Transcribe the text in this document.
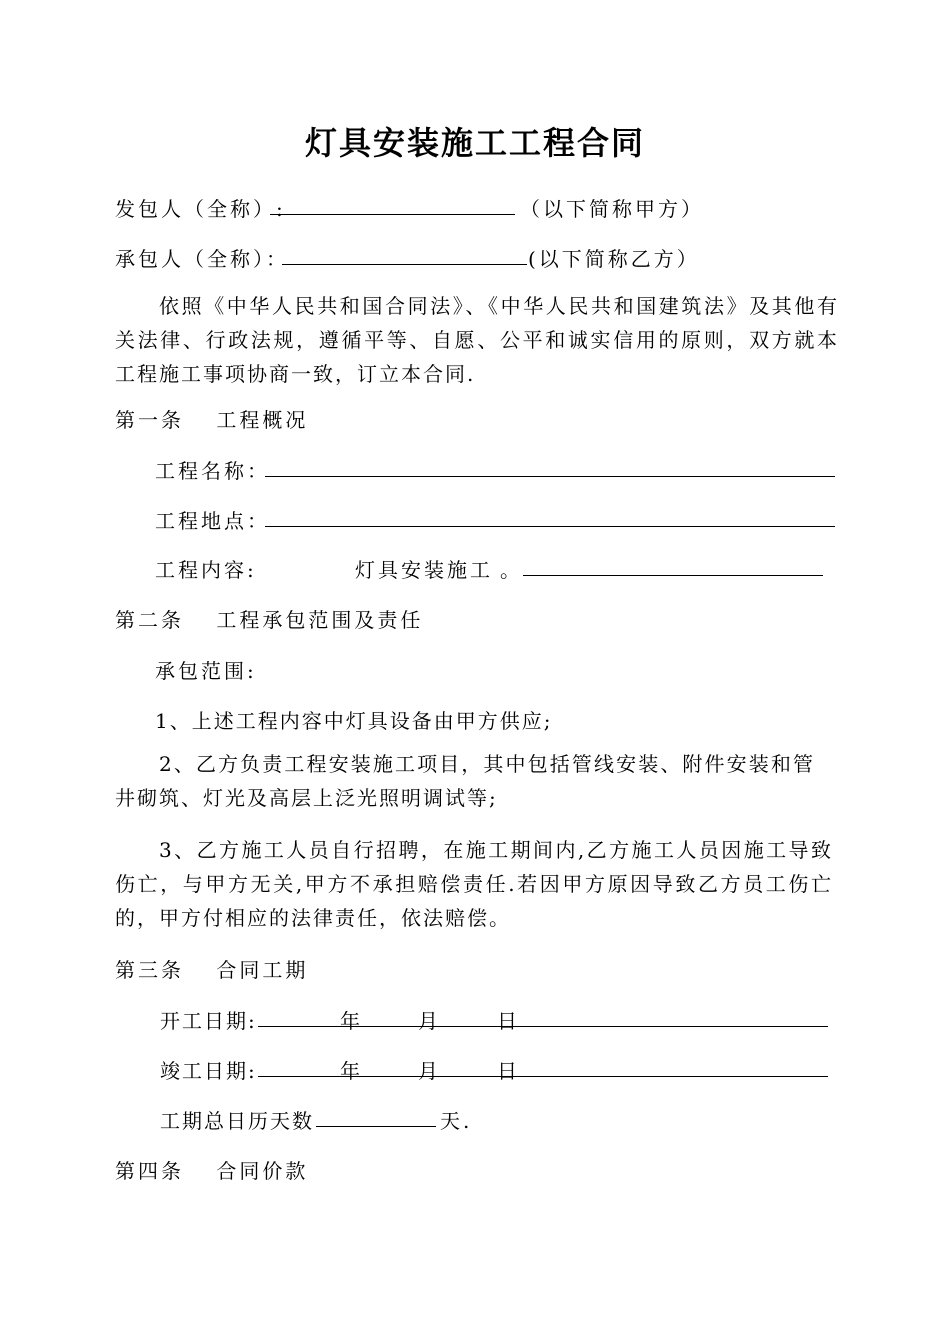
灯具安装施工工程合同
发包人（全称）:	（以下简称甲方）
承包人（全称）：	(以下简称乙方）
依照《中华人民共和国合同法》、《中华人民共和国建筑法》及其他有关法律、行政法规，遵循平等、自愿、公平和诚实信用的原则，双方就本工程施工事项协商一致，订立本合同.
第一条　 工程概况
工程名称：
工程地点：
工程内容:	灯具安装施工 。
第二条　 工程承包范围及责任
承包范围:
1、上述工程内容中灯具设备由甲方供应;
2、乙方负责工程安装施工项目，其中包括管线安装、附件安装和管井砌筑、灯光及高层上泛光照明调试等;
3、乙方施工人员自行招聘，在施工期间内,乙方施工人员因施工导致伤亡，与甲方无关,甲方不承担赔偿责任.若因甲方原因导致乙方员工伤亡的，甲方付相应的法律责任，依法赔偿。
第三条　 合同工期
开工日期:	年	月	日
竣工日期:	年	月	日
工期总日历天数	天.
第四条　 合同价款
